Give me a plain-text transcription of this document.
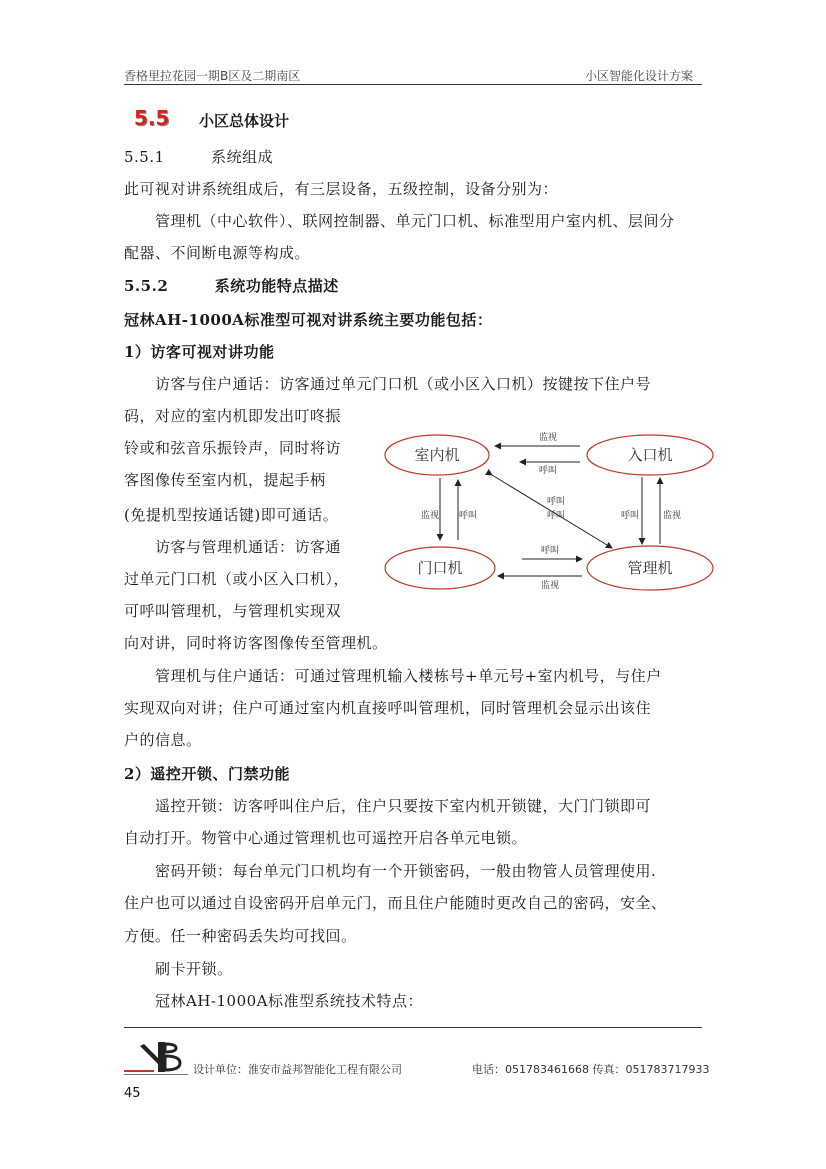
香格里拉花园一期B区及二期南区	小区智能化设计方案
5.5 小区总体设计
5.5.1　　　系统组成
此可视对讲系统组成后，有三层设备，五级控制，设备分别为：
　　管理机（中心软件）、联网控制器、单元门口机、标准型用户室内机、层间分
配器、不间断电源等构成。
5.5.2　　　系统功能特点描述
冠林AH-1000A标准型可视对讲系统主要功能包括：
1）访客可视对讲功能
　　访客与住户通话：访客通过单元门口机（或小区入口机）按键按下住户号
码，对应的室内机即发出叮咚振
铃或和弦音乐振铃声，同时将访
客图像传至室内机，提起手柄
(免提机型按通话键)即可通话。
　　访客与管理机通话：访客通
过单元门口机（或小区入口机），
可呼叫管理机，与管理机实现双
向对讲，同时将访客图像传至管理机。
　　管理机与住户通话：可通过管理机输入楼栋号+单元号+室内机号，与住户
实现双向对讲；住户可通过室内机直接呼叫管理机，同时管理机会显示出该住
户的信息。
2）遥控开锁、门禁功能
　　遥控开锁：访客呼叫住户后，住户只要按下室内机开锁键，大门门锁即可
自动打开。物管中心通过管理机也可遥控开启各单元电锁。
　　密码开锁：每台单元门口机均有一个开锁密码，一般由物管人员管理使用.
住户也可以通过自设密码开启单元门，而且住户能随时更改自己的密码，安全、
方便。任一种密码丢失均可找回。
　　刷卡开锁。
　　冠林AH-1000A标准型系统技术特点：
室内机	入口机
门口机	管理机
监视
呼叫
监视 呼叫
呼叫
呼叫	呼叫	监视
呼叫
监视
设计单位：淮安市益邦智能化工程有限公司	电话：051783461668 传真：051783717933
45
